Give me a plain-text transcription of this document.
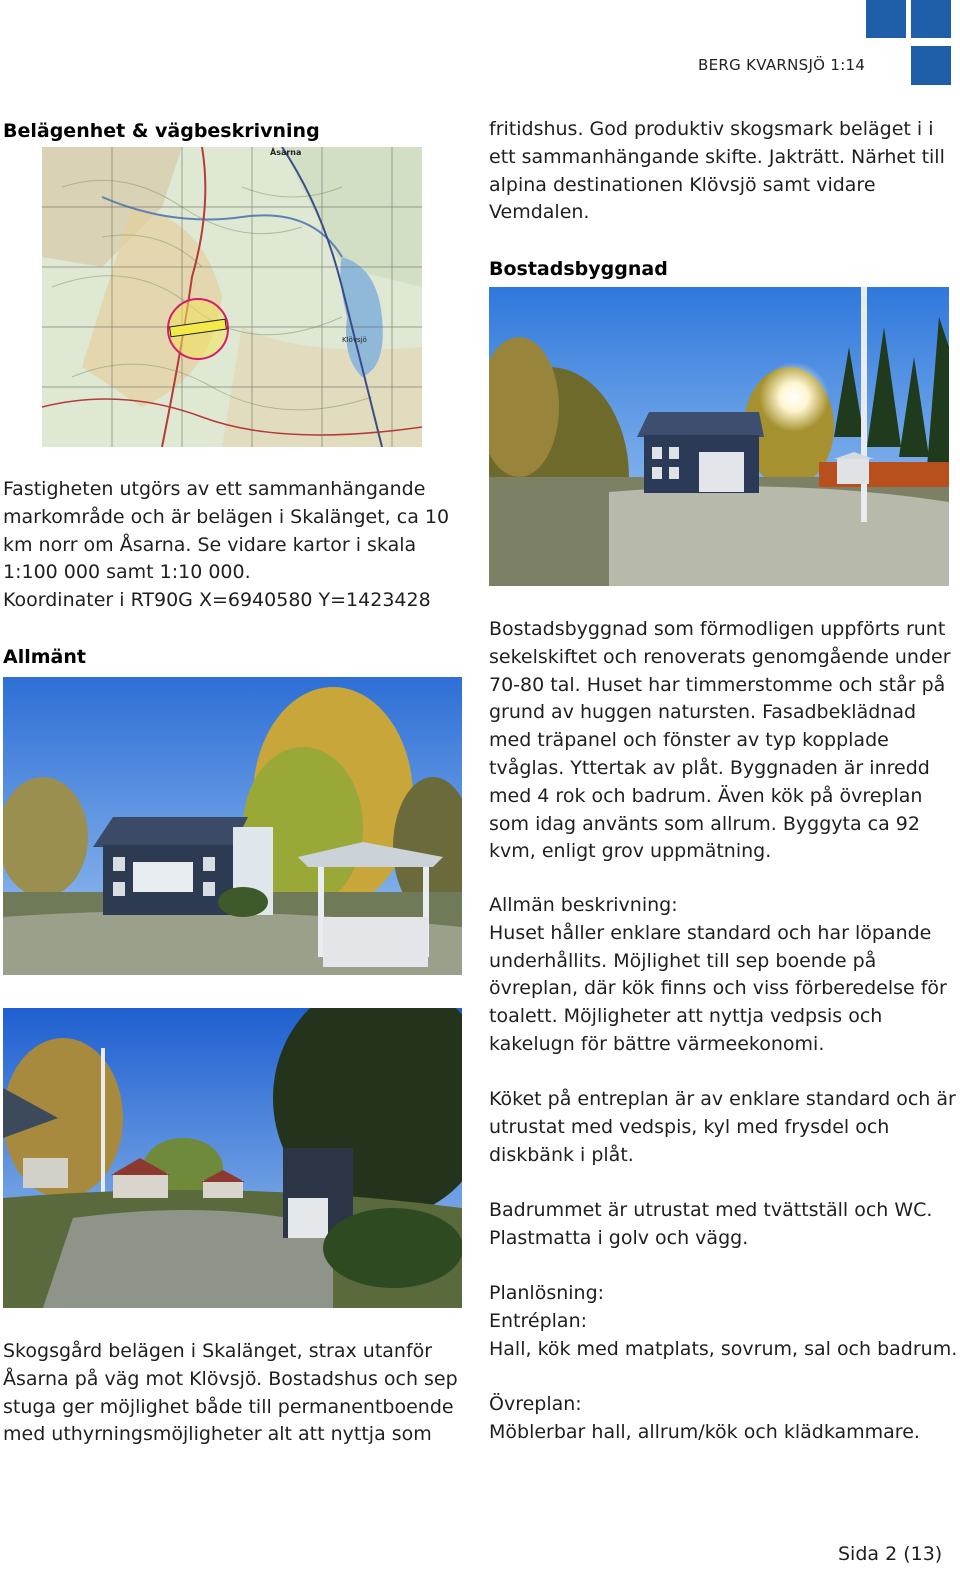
BERG KVARNSJÖ 1:14
Belägenhet & vägbeskrivning
Åsarna
Klövsjö
Fastigheten utgörs av ett sammanhängande
markområde och är belägen i Skalänget, ca 10
km norr om Åsarna. Se vidare kartor i skala
1:100 000 samt 1:10 000.
Koordinater i RT90G X=6940580 Y=1423428
Allmänt
Skogsgård belägen i Skalänget, strax utanför
Åsarna på väg mot Klövsjö. Bostadshus och sep
stuga ger möjlighet både till permanentboende
med uthyrningsmöjligheter alt att nyttja som
fritidshus. God produktiv skogsmark beläget i i
ett sammanhängande skifte. Jakträtt. Närhet till
alpina destinationen Klövsjö samt vidare
Vemdalen.
Bostadsbyggnad
Bostadsbyggnad som förmodligen uppförts runt
sekelskiftet och renoverats genomgående under
70-80 tal. Huset har timmerstomme och står på
grund av huggen natursten. Fasadbeklädnad
med träpanel och fönster av typ kopplade
tvåglas. Yttertak av plåt. Byggnaden är inredd
med 4 rok och badrum. Även kök på övreplan
som idag använts som allrum. Byggyta ca 92
kvm, enligt grov uppmätning.
Allmän beskrivning:
Huset håller enklare standard och har löpande
underhållits. Möjlighet till sep boende på
övreplan, där kök finns och viss förberedelse för
toalett. Möjligheter att nyttja vedpsis och
kakelugn för bättre värmeekonomi.
Köket på entreplan är av enklare standard och är
utrustat med vedspis, kyl med frysdel och
diskbänk i plåt.
Badrummet är utrustat med tvättställ och WC.
Plastmatta i golv och vägg.
Planlösning:
Entréplan:
Hall, kök med matplats, sovrum, sal och badrum.
Övreplan:
Möblerbar hall, allrum/kök och klädkammare.
Sida 2 (13)
